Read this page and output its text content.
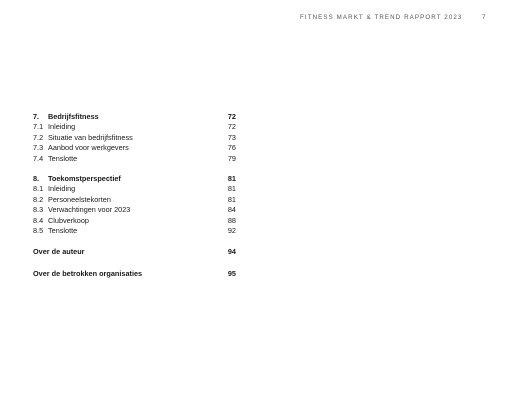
FITNESS MARKT & TREND RAPPORT 2023	7
7. Bedrijfsfitness	72
7.1 Inleiding	72
7.2 Situatie van bedrijfsfitness	73
7.3 Aanbod voor werkgevers	76
7.4 Tenslotte	79
8. Toekomstperspectief	81
8.1 Inleiding	81
8.2 Personeelstekorten	81
8.3 Verwachtingen voor 2023	84
8.4 Clubverkoop	88
8.5 Tenslotte	92
Over de auteur	94
Over de betrokken organisaties	95
